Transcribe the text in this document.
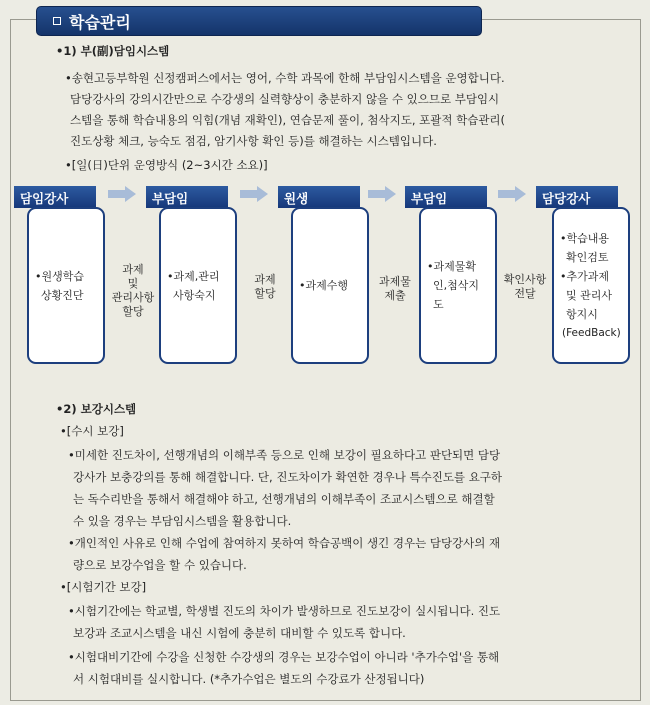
학습관리
•1) 부(副)담임시스템
•송현고등부학원 신정캠퍼스에서는 영어, 수학 과목에 한해 부담임시스템을 운영합니다.
담당강사의 강의시간만으로 수강생의 실력향상이 충분하지 않을 수 있으므로 부담임시
스템을 통해 학습내용의 익힘(개념 재확인), 연습문제 풀이, 첨삭지도, 포괄적 학습관리(
진도상황 체크, 능숙도 점검, 암기사항 확인 등)를 해결하는 시스템입니다.
•[일(日)단위 운영방식 (2~3시간 소요)]
담임강사
•원생학습
상황진단
부담임
•과제,관리
사항숙지
원생
•과제수행
부담임
•과제물확
인,첨삭지
도
담당강사
•학습내용
확인검토
•추가과제
및 관리사
항지시
(FeedBack)
과제
및
관리사항
할당
과제
할당
과제물
제출
확인사항
전달
•2) 보강시스템
•[수시 보강]
•미세한 진도차이, 선행개념의 이해부족 등으로 인해 보강이 필요하다고 판단되면 담당
강사가 보충강의를 통해 해결합니다. 단, 진도차이가 확연한 경우나 특수진도를 요구하
는 독수리반을 통해서 해결해야 하고, 선행개념의 이해부족이 조교시스템으로 해결할
수 있을 경우는 부담임시스템을 활용합니다.
•개인적인 사유로 인해 수업에 참여하지 못하여 학습공백이 생긴 경우는 담당강사의 재
량으로 보강수업을 할 수 있습니다.
•[시험기간 보강]
•시험기간에는 학교별, 학생별 진도의 차이가 발생하므로 진도보강이 실시됩니다. 진도
보강과 조교시스템을 내신 시험에 충분히 대비할 수 있도록 합니다.
•시험대비기간에 수강을 신청한 수강생의 경우는 보강수업이 아니라 '추가수업'을 통해
서 시험대비를 실시합니다. (*추가수업은 별도의 수강료가 산정됩니다)
